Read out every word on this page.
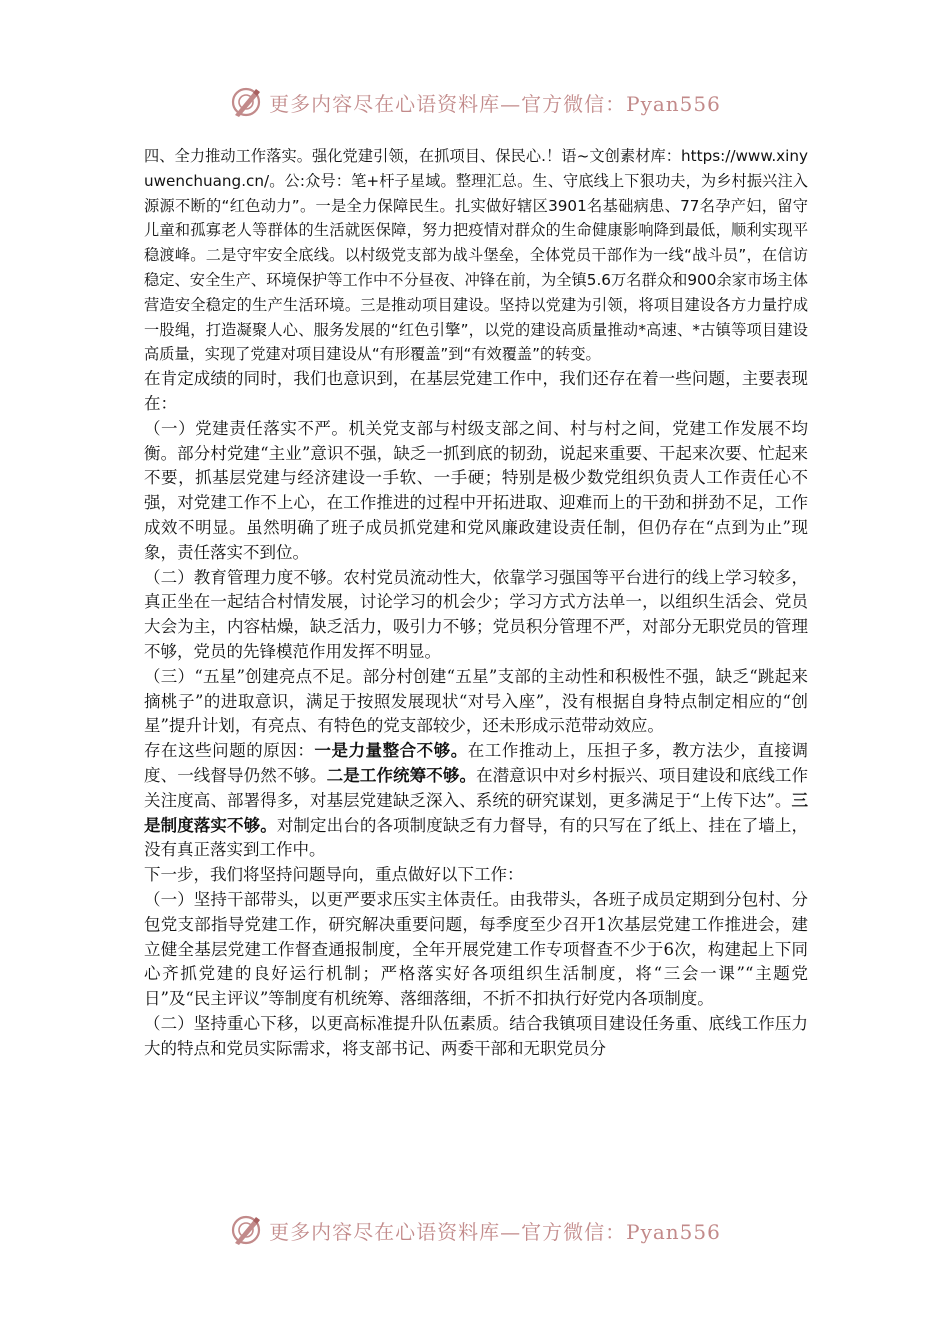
更多内容尽在心语资料库—官方微信：Pyan556

四、全力推动工作落实。强化党建引领，在抓项目、保民心.！语~文创素材库：https://www.xinyuwenchuang.cn/。公:众号：笔+杆子星域。整理汇总。生、守底线上下狠功夫，为乡村振兴注入源源不断的“红色动力”。一是全力保障民生。扎实做好辖区3901名基础病患、77名孕产妇，留守儿童和孤寡老人等群体的生活就医保障，努力把疫情对群众的生命健康影响降到最低，顺利实现平稳渡峰。二是守牢安全底线。以村级党支部为战斗堡垒，全体党员干部作为一线“战斗员”，在信访稳定、安全生产、环境保护等工作中不分昼夜、冲锋在前，为全镇5.6万名群众和900余家市场主体营造安全稳定的生产生活环境。三是推动项目建设。坚持以党建为引领，将项目建设各方力量拧成一股绳，打造凝聚人心、服务发展的“红色引擎”，以党的建设高质量推动*高速、*古镇等项目建设高质量，实现了党建对项目建设从“有形覆盖”到“有效覆盖”的转变。

在肯定成绩的同时，我们也意识到，在基层党建工作中，我们还存在着一些问题，主要表现在：

（一）党建责任落实不严。机关党支部与村级支部之间、村与村之间，党建工作发展不均衡。部分村党建“主业”意识不强，缺乏一抓到底的韧劲，说起来重要、干起来次要、忙起来不要，抓基层党建与经济建设一手软、一手硬；特别是极少数党组织负责人工作责任心不强，对党建工作不上心，在工作推进的过程中开拓进取、迎难而上的干劲和拼劲不足，工作成效不明显。虽然明确了班子成员抓党建和党风廉政建设责任制，但仍存在“点到为止”现象，责任落实不到位。

（二）教育管理力度不够。农村党员流动性大，依靠学习强国等平台进行的线上学习较多，真正坐在一起结合村情发展，讨论学习的机会少；学习方式方法单一，以组织生活会、党员大会为主，内容枯燥，缺乏活力，吸引力不够；党员积分管理不严，对部分无职党员的管理不够，党员的先锋模范作用发挥不明显。

（三）“五星”创建亮点不足。部分村创建“五星”支部的主动性和积极性不强，缺乏“跳起来摘桃子”的进取意识，满足于按照发展现状“对号入座”，没有根据自身特点制定相应的“创星”提升计划，有亮点、有特色的党支部较少，还未形成示范带动效应。

存在这些问题的原因：一是力量整合不够。在工作推动上，压担子多，教方法少，直接调度、一线督导仍然不够。二是工作统筹不够。在潜意识中对乡村振兴、项目建设和底线工作关注度高、部署得多，对基层党建缺乏深入、系统的研究谋划，更多满足于“上传下达”。三是制度落实不够。对制定出台的各项制度缺乏有力督导，有的只写在了纸上、挂在了墙上，没有真正落实到工作中。

下一步，我们将坚持问题导向，重点做好以下工作：

（一）坚持干部带头，以更严要求压实主体责任。由我带头，各班子成员定期到分包村、分包党支部指导党建工作，研究解决重要问题，每季度至少召开1次基层党建工作推进会，建立健全基层党建工作督查通报制度，全年开展党建工作专项督查不少于6次，构建起上下同心齐抓党建的良好运行机制；严格落实好各项组织生活制度，将“三会一课”“主题党日”及“民主评议”等制度有机统筹、落细落细，不折不扣执行好党内各项制度。

（二）坚持重心下移，以更高标准提升队伍素质。结合我镇项目建设任务重、底线工作压力大的特点和党员实际需求，将支部书记、两委干部和无职党员分

更多内容尽在心语资料库—官方微信：Pyan556
